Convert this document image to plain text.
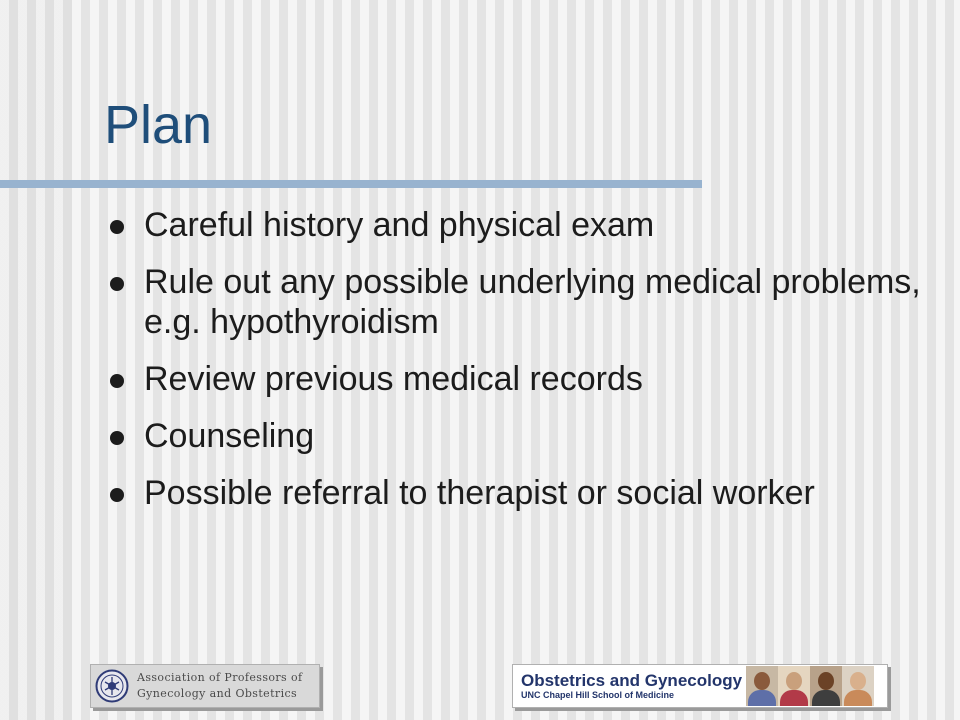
Plan
Careful history and physical exam
Rule out any possible underlying medical problems, e.g. hypothyroidism
Review previous medical records
Counseling
Possible referral to therapist or social worker
Association of Professors of
Gynecology and Obstetrics
Obstetrics and Gynecology
UNC Chapel Hill School of Medicine
